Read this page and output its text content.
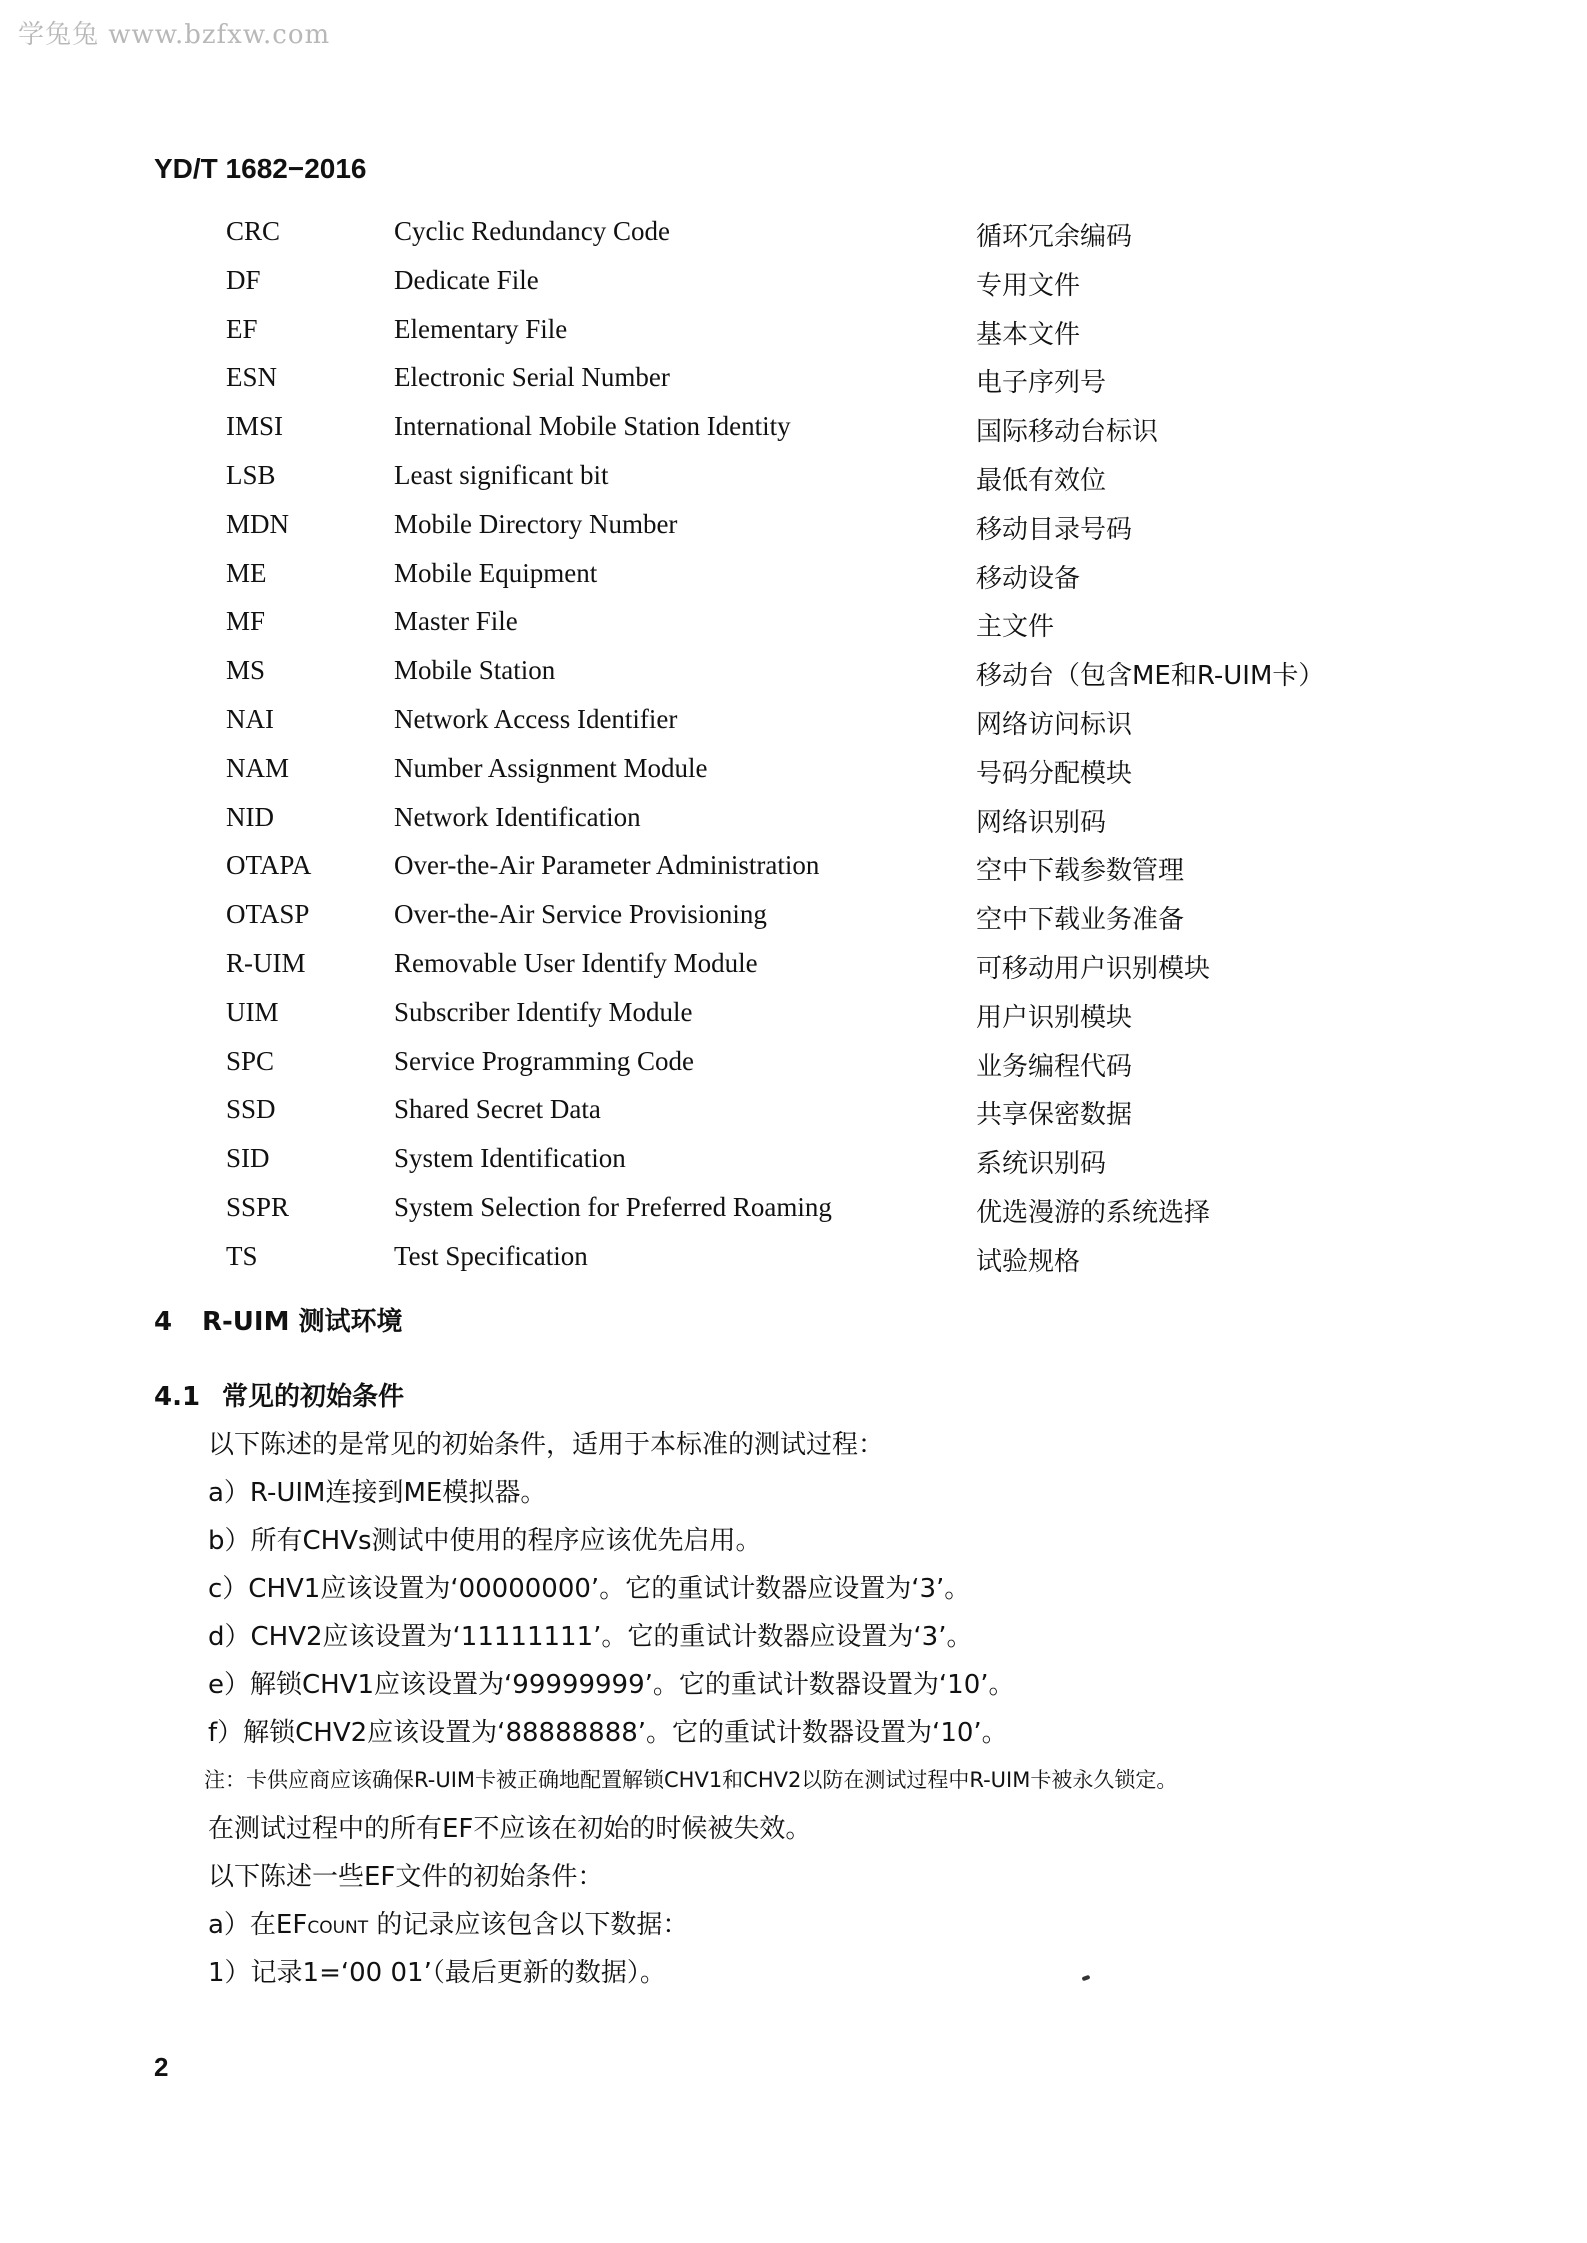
学兔兔 www.bzfxw.com
YD/T 1682−2016
CRC	Cyclic Redundancy Code	循环冗余编码
DF	Dedicate File	专用文件
EF	Elementary File	基本文件
ESN	Electronic Serial Number	电子序列号
IMSI	International Mobile Station Identity	国际移动台标识
LSB	Least significant bit	最低有效位
MDN	Mobile Directory Number	移动目录号码
ME	Mobile Equipment	移动设备
MF	Master File	主文件
MS	Mobile Station	移动台（包含ME和R-UIM卡）
NAI	Network Access Identifier	网络访问标识
NAM	Number Assignment Module	号码分配模块
NID	Network Identification	网络识别码
OTAPA	Over-the-Air Parameter Administration	空中下载参数管理
OTASP	Over-the-Air Service Provisioning	空中下载业务准备
R-UIM	Removable User Identify Module	可移动用户识别模块
UIM	Subscriber Identify Module	用户识别模块
SPC	Service Programming Code	业务编程代码
SSD	Shared Secret Data	共享保密数据
SID	System Identification	系统识别码
SSPR	System Selection for Preferred Roaming	优选漫游的系统选择
TS	Test Specification	试验规格
4 R-UIM 测试环境
4.1 常见的初始条件
以下陈述的是常见的初始条件，适用于本标准的测试过程：
a）R-UIM连接到ME模拟器。
b）所有CHVs测试中使用的程序应该优先启用。
c）CHV1应该设置为‘00000000’。它的重试计数器应设置为‘3’。
d）CHV2应该设置为‘11111111’。它的重试计数器应设置为‘3’。
e）解锁CHV1应该设置为‘99999999’。它的重试计数器设置为‘10’。
f）解锁CHV2应该设置为‘88888888’。它的重试计数器设置为‘10’。
注：卡供应商应该确保R-UIM卡被正确地配置解锁CHV1和CHV2以防在测试过程中R-UIM卡被永久锁定。
在测试过程中的所有EF不应该在初始的时候被失效。
以下陈述一些EF文件的初始条件：
a）在EFCOUNT 的记录应该包含以下数据：
1）记录1=‘00 01’（最后更新的数据）。
2
